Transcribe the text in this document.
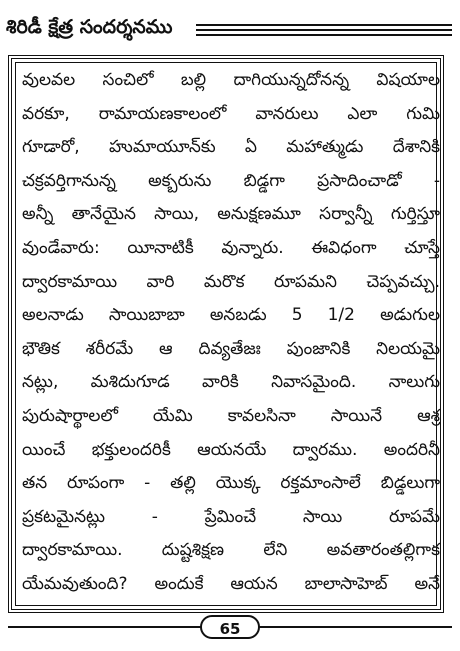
శిరిడీ క్షేత్ర సందర్శనము
వులవల సంచిలో బల్లి దాగియున్నదోనన్న విషయాల
వరకూ, రామాయణకాలంలో వానరులు ఎలా గుమి
గూడారో, హుమాయూన్‌కు ఏ మహాత్ముడు దేశానికి
చక్రవర్తిగానున్న అక్బరును బిడ్డగా ప్రసాదించాడో -
అన్నీ తానేయైన సాయి, అనుక్షణమూ సర్వాన్నీ గుర్తిస్తూ
వుండేవారు: యీనాటికీ వున్నారు. ఈవిధంగా చూస్తే
ద్వారకామాయి వారి మరొక రూపమని చెప్పవచ్చు.
అలనాడు సాయిబాబా అనబడు 5 1/2 అడుగుల
భౌతిక శరీరమే ఆ దివ్యతేజః పుంజానికి నిలయమై
నట్లు, మశిదుగూడ వారికి నివాసమైంది. నాలుగు
పురుషార్థాలలో యేమి కావలసినా సాయినే ఆశ్ర
యించే భక్తులందరికీ ఆయనయే ద్వారము. అందరినీ
తన రూపంగా - తల్లి యొక్క రక్తమాంసాలే బిడ్డలుగా
ప్రకటమైనట్లు - ప్రేమించే సాయి రూపమే
ద్వారకామాయి. దుష్టశిక్షణ లేని అవతారంతల్లిగాక
యేమవుతుంది? అందుకే ఆయన బాలాసాహెబ్ అనే
65
